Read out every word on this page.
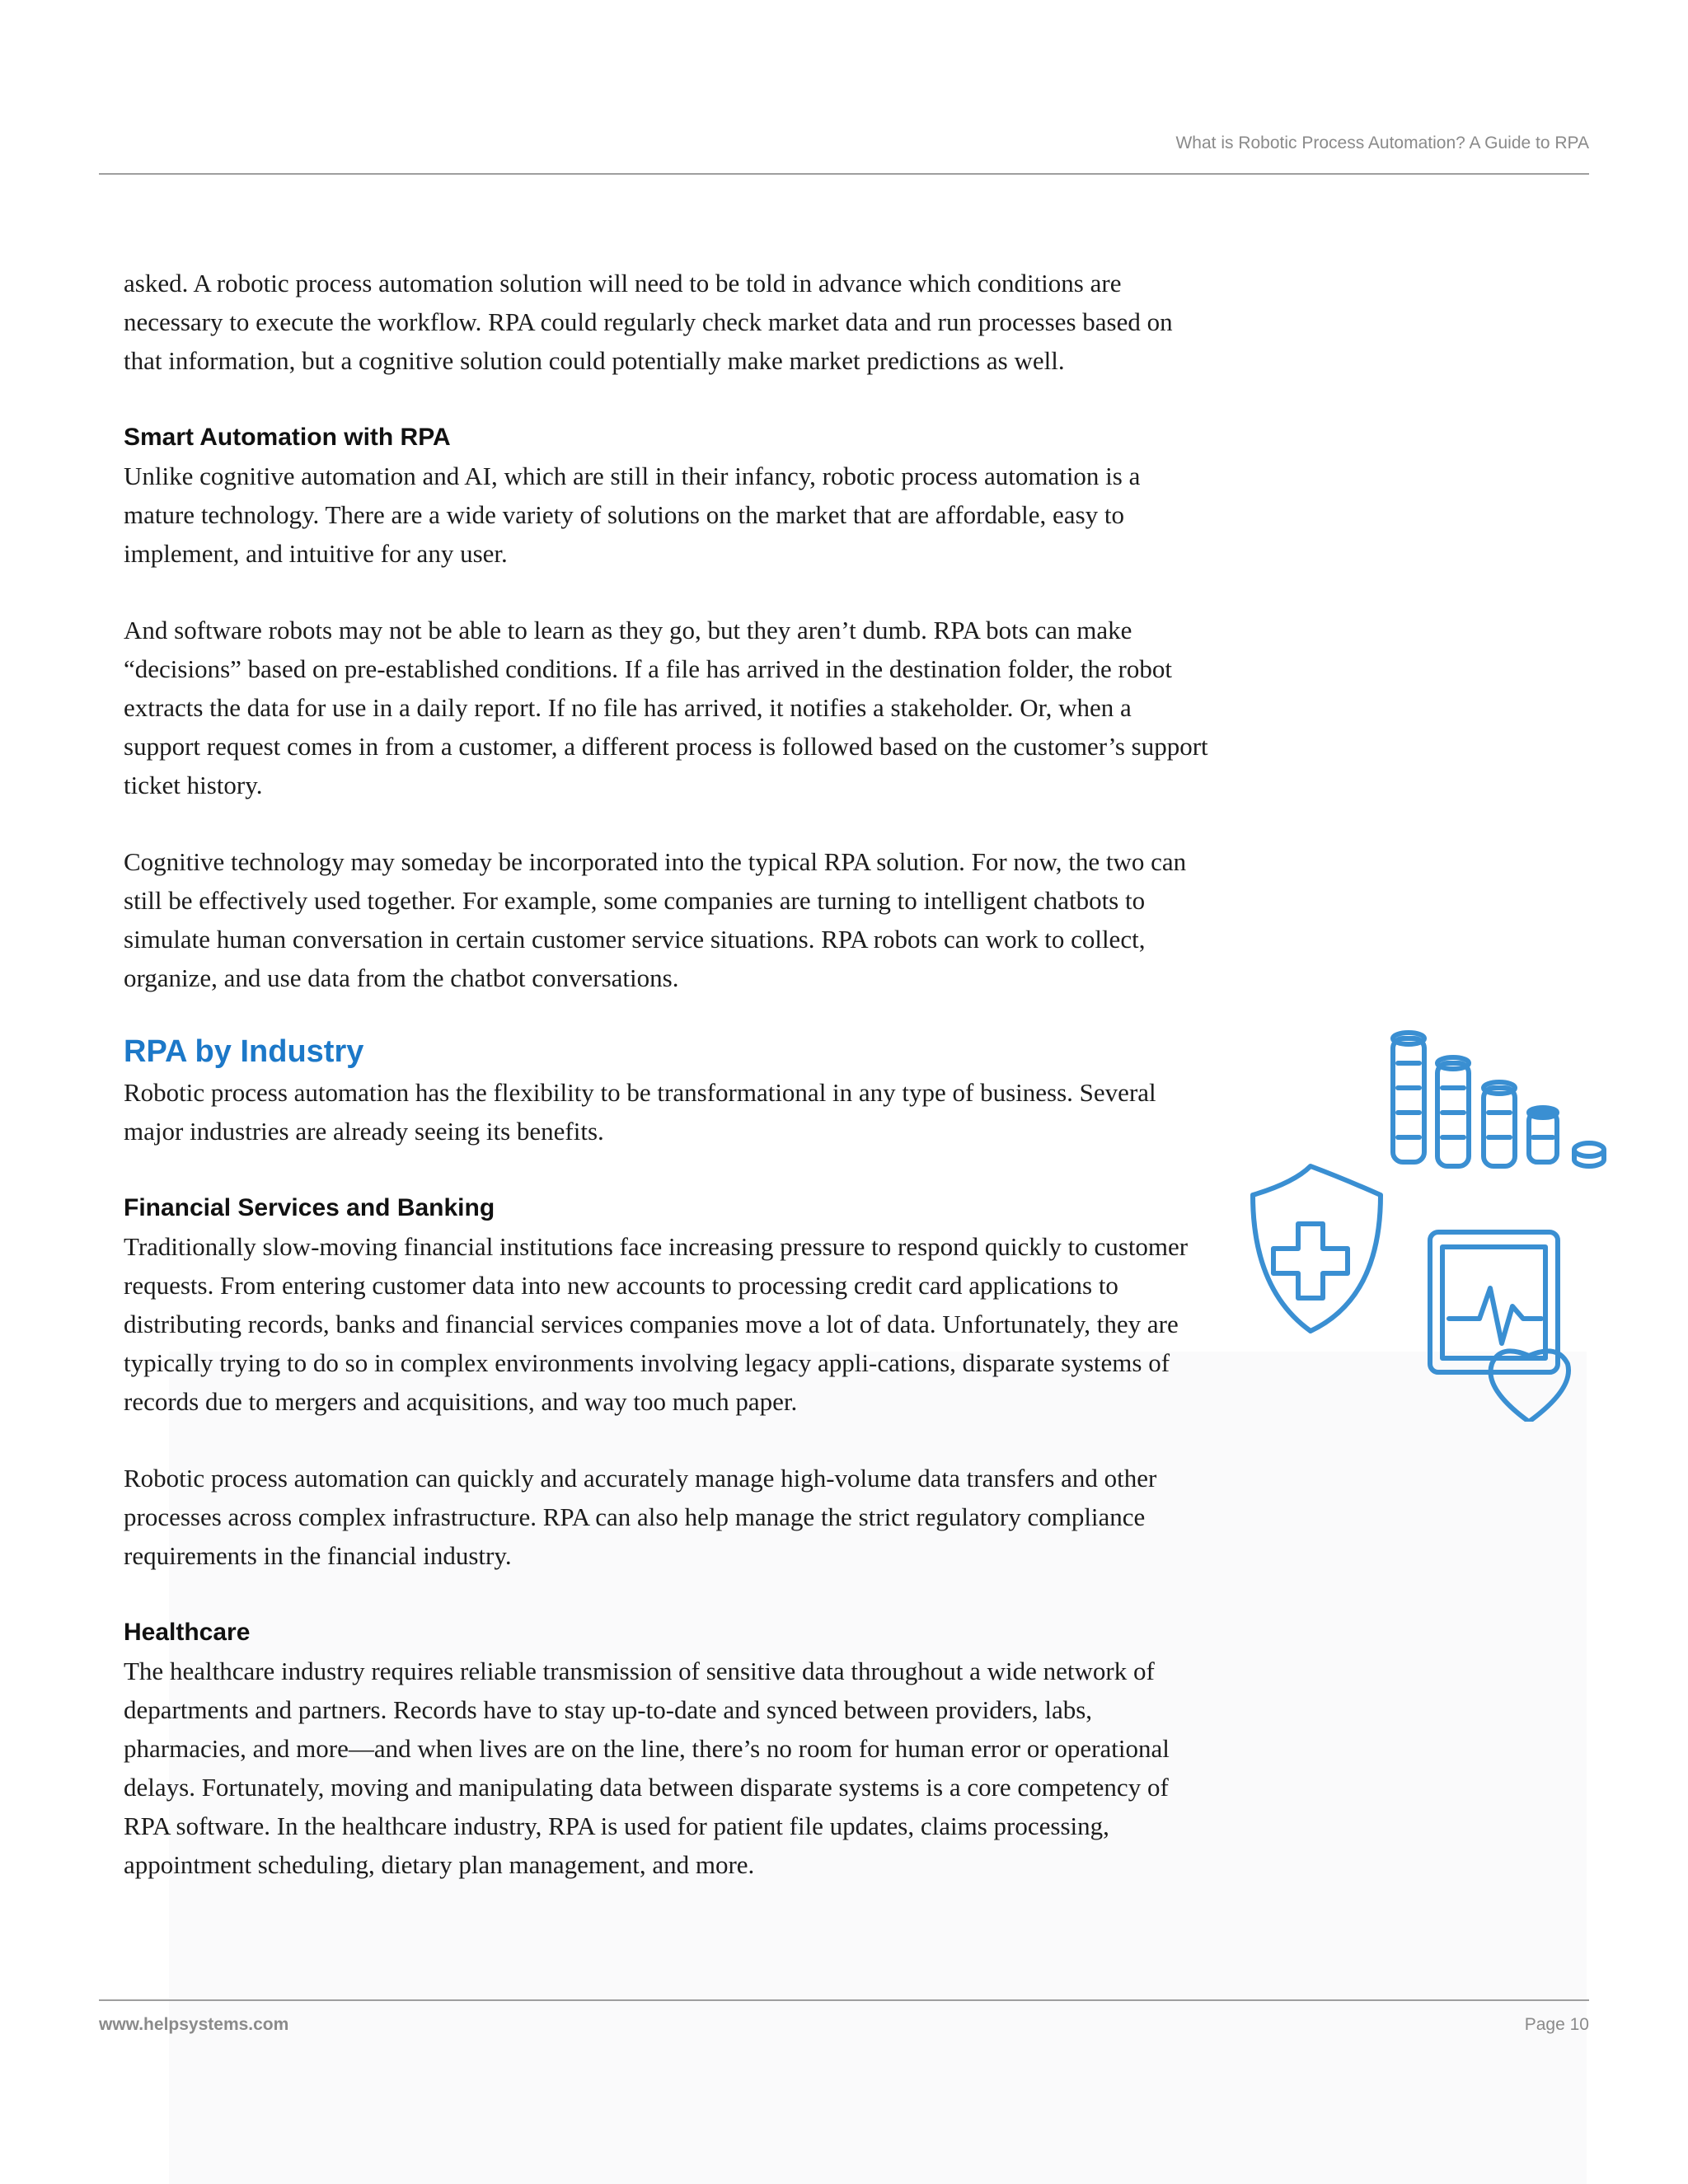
What is Robotic Process Automation? A Guide to RPA

asked. A robotic process automation solution will need to be told in advance which conditions are necessary to execute the workflow. RPA could regularly check market data and run processes based on that information, but a cognitive solution could potentially make market predictions as well.

Smart Automation with RPA

Unlike cognitive automation and AI, which are still in their infancy, robotic process automation is a mature technology. There are a wide variety of solutions on the market that are affordable, easy to implement, and intuitive for any user.

And software robots may not be able to learn as they go, but they aren’t dumb. RPA bots can make “decisions” based on pre-established conditions. If a file has arrived in the destination folder, the robot extracts the data for use in a daily report. If no file has arrived, it notifies a stakeholder. Or, when a support request comes in from a customer, a different process is followed based on the customer’s support ticket history.

Cognitive technology may someday be incorporated into the typical RPA solution. For now, the two can still be effectively used together. For example, some companies are turning to intelligent chatbots to simulate human conversation in certain customer service situations. RPA robots can work to collect, organize, and use data from the chatbot conversations.

RPA by Industry

Robotic process automation has the flexibility to be transformational in any type of business. Several major industries are already seeing its benefits.

Financial Services and Banking

Traditionally slow-moving financial institutions face increasing pressure to respond quickly to customer requests. From entering customer data into new accounts to processing credit card applications to distributing records, banks and financial services companies move a lot of data. Unfortunately, they are typically trying to do so in complex environments involving legacy appli-cations, disparate systems of records due to mergers and acquisitions, and way too much paper.

Robotic process automation can quickly and accurately manage high-volume data transfers and other processes across complex infrastructure. RPA can also help manage the strict regulatory compliance requirements in the financial industry.

Healthcare

The healthcare industry requires reliable transmission of sensitive data throughout a wide network of departments and partners. Records have to stay up-to-date and synced between providers, labs, pharmacies, and more—and when lives are on the line, there’s no room for human error or operational delays. Fortunately, moving and manipulating data between disparate systems is a core competency of RPA software. In the healthcare industry, RPA is used for patient file updates, claims processing, appointment scheduling, dietary plan management, and more.

www.helpsystems.com	Page 10
